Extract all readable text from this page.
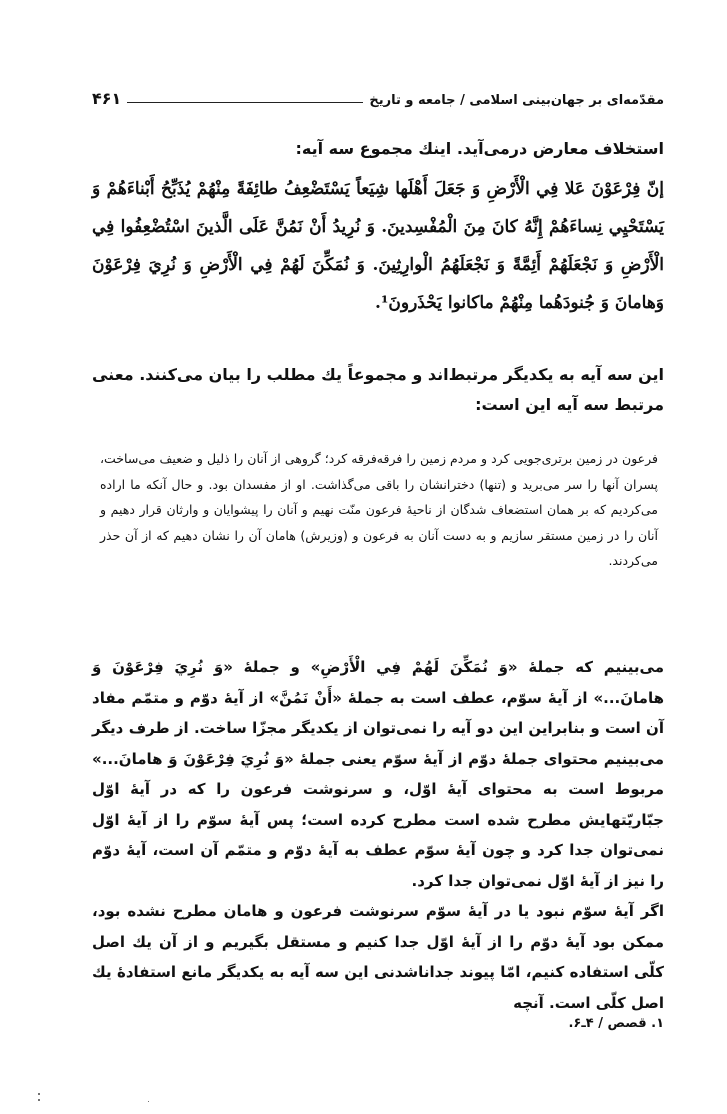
مقدّمه‌ای بر جهان‌بینی اسلامی / جامعه و تاریخ
۴۶۱
استخلاف معارض درمی‌آید. اینك مجموع سه آیه:
إنّ فِرْعَوْنَ عَلا فِي الْأَرْضِ وَ جَعَلَ أَهْلَها شِيَعاً يَسْتَضْعِفُ طائِفَةً مِنْهُمْ يُذَبِّحُ أَبْناءَهُمْ وَ يَسْتَحْيِي نِساءَهُمْ إِنَّهُ كانَ مِنَ الْمُفْسِدينَ. وَ نُرِيدُ أَنْ نَمُنَّ عَلَى الَّذينَ اسْتُضْعِفُوا فِي الْأَرْضِ وَ نَجْعَلَهُمْ أَئِمَّةً وَ نَجْعَلَهُمُ الْوارِثِينَ. وَ نُمَكِّنَ لَهُمْ فِي الْأَرْضِ وَ نُرِيَ فِرْعَوْنَ وَهامانَ وَ جُنودَهُما مِنْهُمْ ماكانوا يَحْذَرونَ¹.
این سه آیه به یکدیگر مرتبط‌اند و مجموعاً یك مطلب را بیان می‌کنند. معنی مرتبط سه آیه این است:
فرعون در زمین برتری‌جویی کرد و مردم زمین را فرقه‌فرقه کرد؛ گروهی از آنان را ذلیل و ضعیف می‌ساخت، پسران آنها را سر می‌برید و (تنها) دخترانشان را باقی می‌گذاشت. او از مفسدان بود. و حال آنکه ما اراده می‌کردیم که بر همان استضعاف شدگان از ناحیهٔ فرعون منّت نهیم و آنان را پیشوایان و وارثان قرار دهیم و آنان را در زمین مستقر سازیم و به دست آنان به فرعون و (وزیرش) هامان آن را نشان دهیم که از آن حذر می‌کردند.

می‌بینیم که جملهٔ «وَ نُمَكِّنَ لَهُمْ فِي الْأَرْضِ» و جملهٔ «وَ نُرِيَ فِرْعَوْنَ وَ هامانَ...» از آیهٔ سوّم، عطف است به جملهٔ «أَنْ نَمُنَّ» از آیهٔ دوّم و متمّم مفاد آن است و بنابراین این دو آیه را نمی‌توان از یکدیگر مجزّا ساخت. از طرف دیگر می‌بینیم محتوای جملهٔ دوّم از آیهٔ سوّم یعنی جملهٔ «وَ نُرِيَ فِرْعَوْنَ وَ هامانَ...» مربوط است به محتوای آیهٔ اوّل، و سرنوشت فرعون را که در آیهٔ اوّل جبّاریّتهایش مطرح شده است مطرح کرده است؛ پس آیهٔ سوّم را از آیهٔ اوّل نمی‌توان جدا کرد و چون آیهٔ سوّم عطف به آیهٔ دوّم و متمّم آن است، آیهٔ دوّم را نیز از آیهٔ اوّل نمی‌توان جدا کرد.

اگر آیهٔ سوّم نبود یا در آیهٔ سوّم سرنوشت فرعون و هامان مطرح نشده بود، ممکن بود آیهٔ دوّم را از آیهٔ اوّل جدا کنیم و مستقل بگیریم و از آن یك اصل کلّی استفاده کنیم، امّا پیوند جداناشدنی این سه آیه به یکدیگر مانع استفادهٔ یك اصل کلّی است. آنچه

۱. قصص / ۴ـ۶.
